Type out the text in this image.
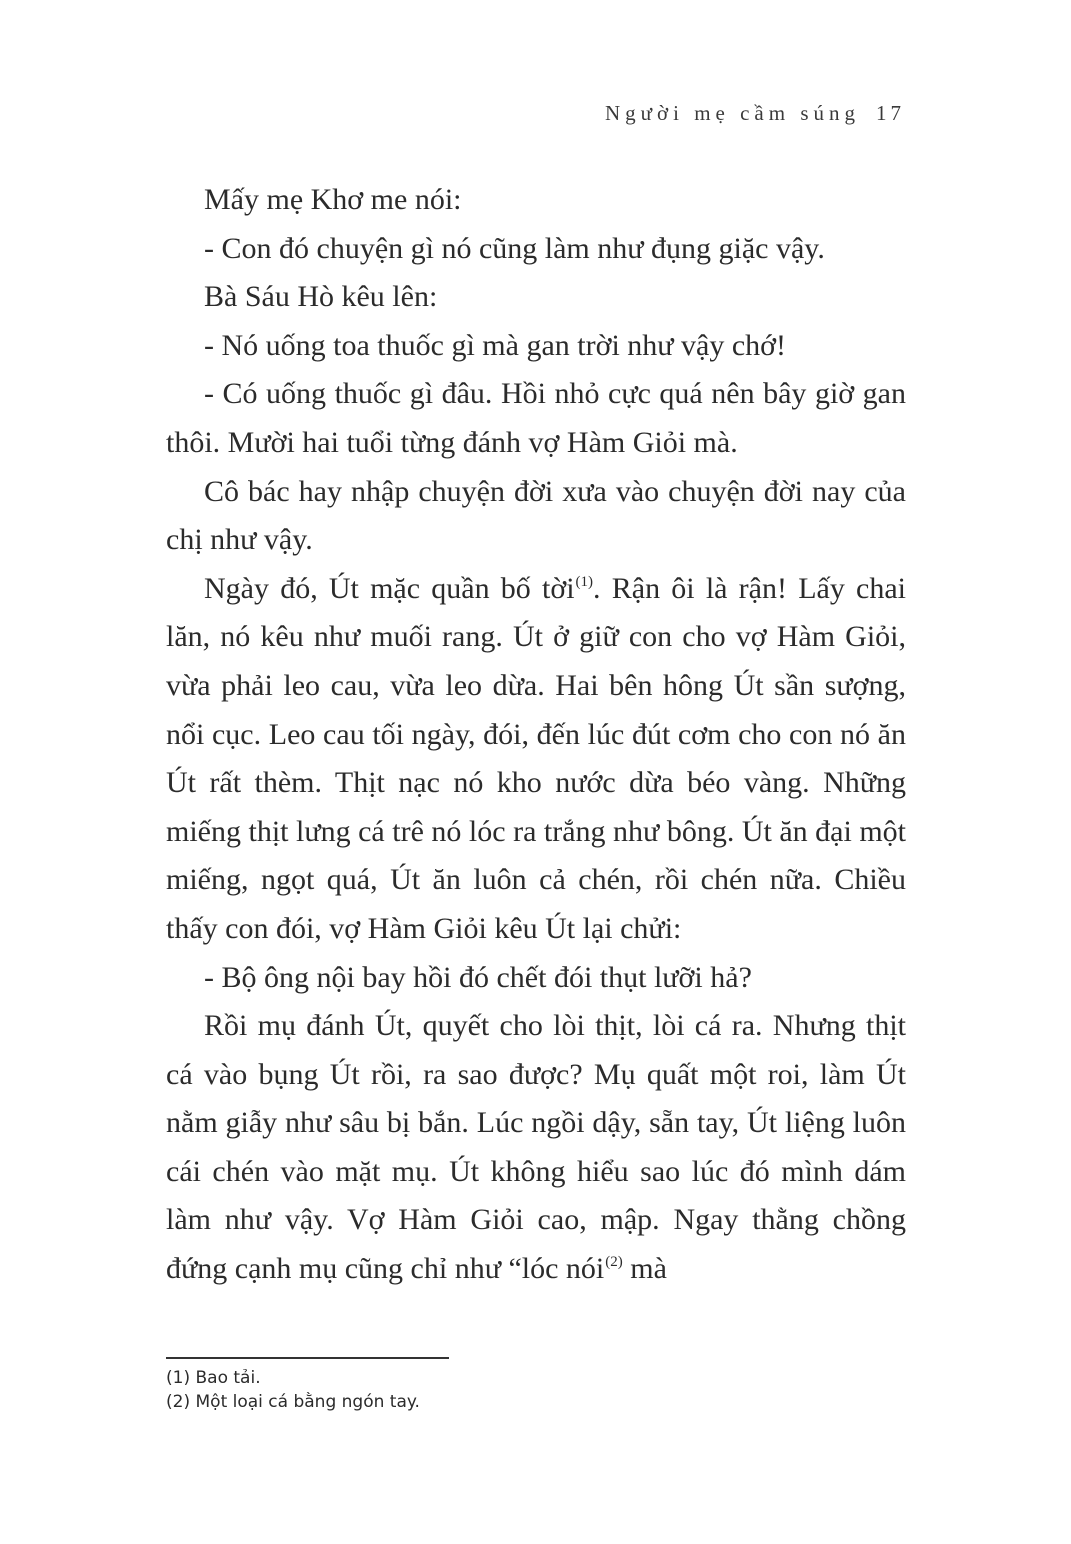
Người mẹ cầm súng 17

Mấy mẹ Khơ me nói:

- Con đó chuyện gì nó cũng làm như đụng giặc vậy.

Bà Sáu Hò kêu lên:

- Nó uống toa thuốc gì mà gan trời như vậy chớ!

- Có uống thuốc gì đâu. Hồi nhỏ cực quá nên bây giờ gan thôi. Mười hai tuổi từng đánh vợ Hàm Giỏi mà.

Cô bác hay nhập chuyện đời xưa vào chuyện đời nay của chị như vậy.

Ngày đó, Út mặc quần bố tời$^{(1)}$. Rận ôi là rận! Lấy chai lăn, nó kêu như muối rang. Út ở giữ con cho vợ Hàm Giỏi, vừa phải leo cau, vừa leo dừa. Hai bên hông Út sần sượng, nổi cục. Leo cau tối ngày, đói, đến lúc đút cơm cho con nó ăn Út rất thèm. Thịt nạc nó kho nước dừa béo vàng. Những miếng thịt lưng cá trê nó lóc ra trắng như bông. Út ăn đại một miếng, ngọt quá, Út ăn luôn cả chén, rồi chén nữa. Chiều thấy con đói, vợ Hàm Giỏi kêu Út lại chửi:

- Bộ ông nội bay hồi đó chết đói thụt lưỡi hả?

Rồi mụ đánh Út, quyết cho lòi thịt, lòi cá ra. Nhưng thịt cá vào bụng Út rồi, ra sao được? Mụ quất một roi, làm Út nằm giẫy như sâu bị bắn. Lúc ngồi dậy, sẵn tay, Út liệng luôn cái chén vào mặt mụ. Út không hiểu sao lúc đó mình dám làm như vậy. Vợ Hàm Giỏi cao, mập. Ngay thằng chồng đứng cạnh mụ cũng chỉ như “lóc nói$^{(2)}$ mà

(1) Bao tải.
(2) Một loại cá bằng ngón tay.
